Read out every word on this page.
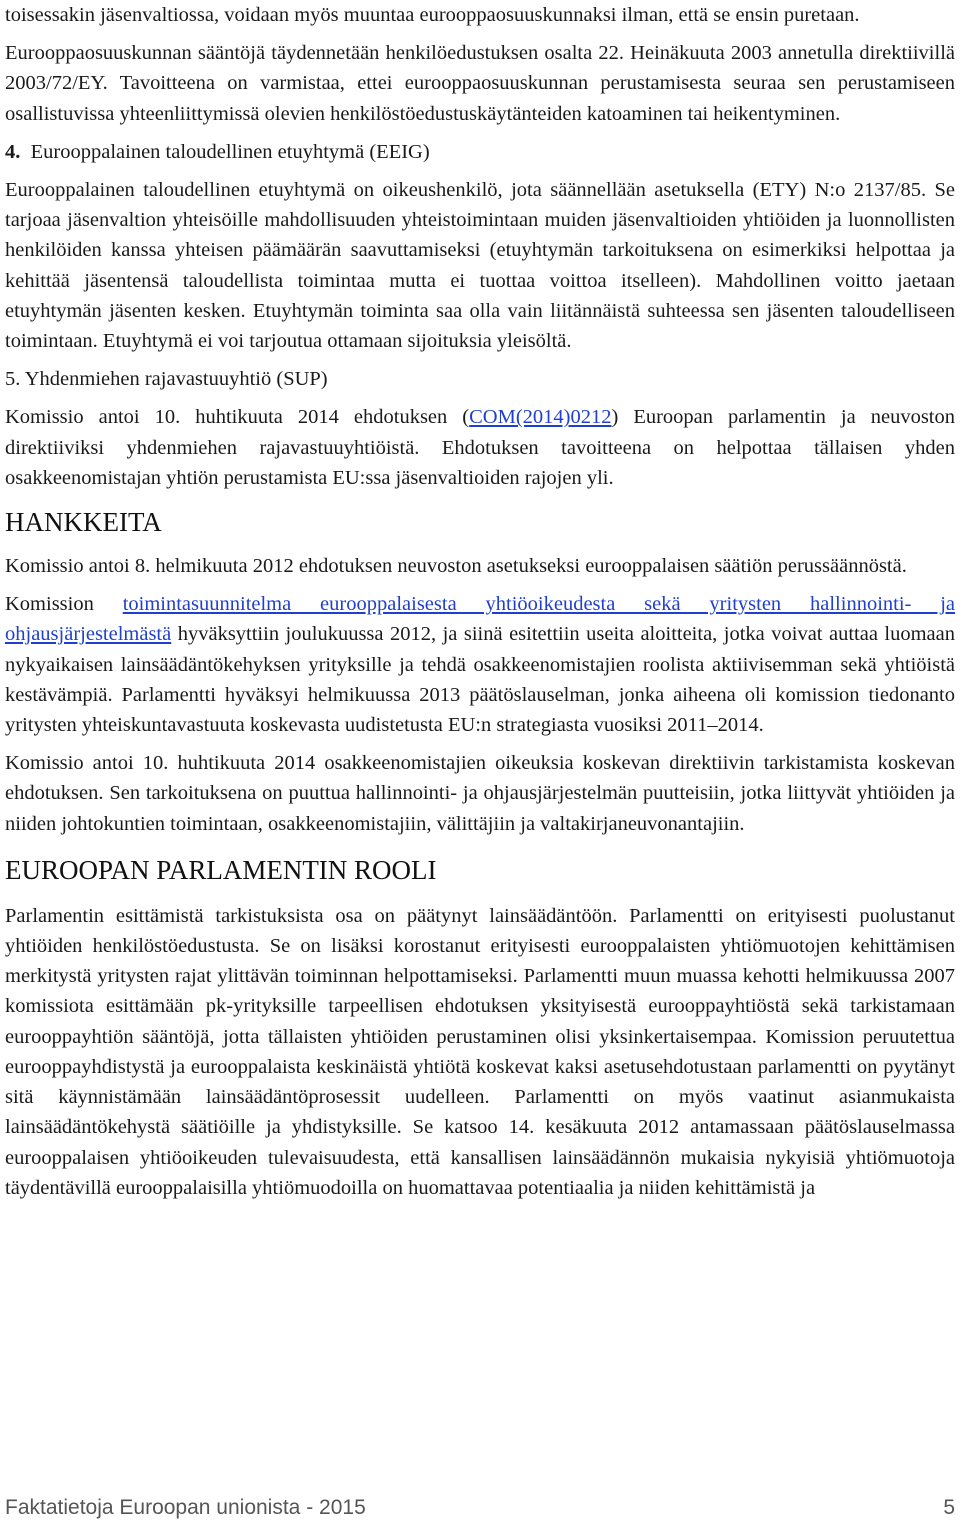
toisessakin jäsenvaltiossa, voidaan myös muuntaa eurooppaosuuskunnaksi ilman, että se ensin puretaan.

Eurooppaosuuskunnan sääntöjä täydennetään henkilöedustuksen osalta 22. Heinäkuuta 2003 annetulla direktiivillä 2003/72/EY. Tavoitteena on varmistaa, ettei eurooppaosuuskunnan perustamisesta seuraa sen perustamiseen osallistuvissa yhteenliittymissä olevien henkilöstöedustuskäytänteiden katoaminen tai heikentyminen.

4. Eurooppalainen taloudellinen etuyhtymä (EEIG)

Eurooppalainen taloudellinen etuyhtymä on oikeushenkilö, jota säännellään asetuksella (ETY) N:o 2137/85. Se tarjoaa jäsenvaltion yhteisöille mahdollisuuden yhteistoimintaan muiden jäsenvaltioiden yhtiöiden ja luonnollisten henkilöiden kanssa yhteisen päämäärän saavuttamiseksi (etuyhtymän tarkoituksena on esimerkiksi helpottaa ja kehittää jäsentensä taloudellista toimintaa mutta ei tuottaa voittoa itselleen). Mahdollinen voitto jaetaan etuyhtymän jäsenten kesken. Etuyhtymän toiminta saa olla vain liitännäistä suhteessa sen jäsenten taloudelliseen toimintaan. Etuyhtymä ei voi tarjoutua ottamaan sijoituksia yleisöltä.

5. Yhdenmiehen rajavastuuyhtiö (SUP)

Komissio antoi 10. huhtikuuta 2014 ehdotuksen (COM(2014)0212) Euroopan parlamentin ja neuvoston direktiiviksi yhdenmiehen rajavastuuyhtiöistä. Ehdotuksen tavoitteena on helpottaa tällaisen yhden osakkeenomistajan yhtiön perustamista EU:ssa jäsenvaltioiden rajojen yli.

HANKKEITA

Komissio antoi 8. helmikuuta 2012 ehdotuksen neuvoston asetukseksi eurooppalaisen säätiön perussäännöstä.

Komission toimintasuunnitelma eurooppalaisesta yhtiöoikeudesta sekä yritysten hallinnointi- ja ohjausjärjestelmästä hyväksyttiin joulukuussa 2012, ja siinä esitettiin useita aloitteita, jotka voivat auttaa luomaan nykyaikaisen lainsäädäntökehyksen yrityksille ja tehdä osakkeenomistajien roolista aktiivisemman sekä yhtiöistä kestävämpiä. Parlamentti hyväksyi helmikuussa 2013 päätöslauselman, jonka aiheena oli komission tiedonanto yritysten yhteiskuntavastuuta koskevasta uudistetusta EU:n strategiasta vuosiksi 2011–2014.

Komissio antoi 10. huhtikuuta 2014 osakkeenomistajien oikeuksia koskevan direktiivin tarkistamista koskevan ehdotuksen. Sen tarkoituksena on puuttua hallinnointi- ja ohjausjärjestelmän puutteisiin, jotka liittyvät yhtiöiden ja niiden johtokuntien toimintaan, osakkeenomistajiin, välittäjiin ja valtakirjaneuvonantajiin.

EUROOPAN PARLAMENTIN ROOLI

Parlamentin esittämistä tarkistuksista osa on päätynyt lainsäädäntöön. Parlamentti on erityisesti puolustanut yhtiöiden henkilöstöedustusta. Se on lisäksi korostanut erityisesti eurooppalaisten yhtiömuotojen kehittämisen merkitystä yritysten rajat ylittävän toiminnan helpottamiseksi. Parlamentti muun muassa kehotti helmikuussa 2007 komissiota esittämään pk-yrityksille tarpeellisen ehdotuksen yksityisestä eurooppayhtiöstä sekä tarkistamaan eurooppayhtiön sääntöjä, jotta tällaisten yhtiöiden perustaminen olisi yksinkertaisempaa. Komission peruutettua eurooppayhdistystä ja eurooppalaista keskinäistä yhtiötä koskevat kaksi asetusehdotustaan parlamentti on pyytänyt sitä käynnistämään lainsäädäntöprosessit uudelleen. Parlamentti on myös vaatinut asianmukaista lainsäädäntökehystä säätiöille ja yhdistyksille. Se katsoo 14. kesäkuuta 2012 antamassaan päätöslauselmassa eurooppalaisen yhtiöoikeuden tulevaisuudesta, että kansallisen lainsäädännön mukaisia nykyisiä yhtiömuotoja täydentävillä eurooppalaisilla yhtiömuodoilla on huomattavaa potentiaalia ja niiden kehittämistä ja

Faktatietoja Euroopan unionista - 2015	5
